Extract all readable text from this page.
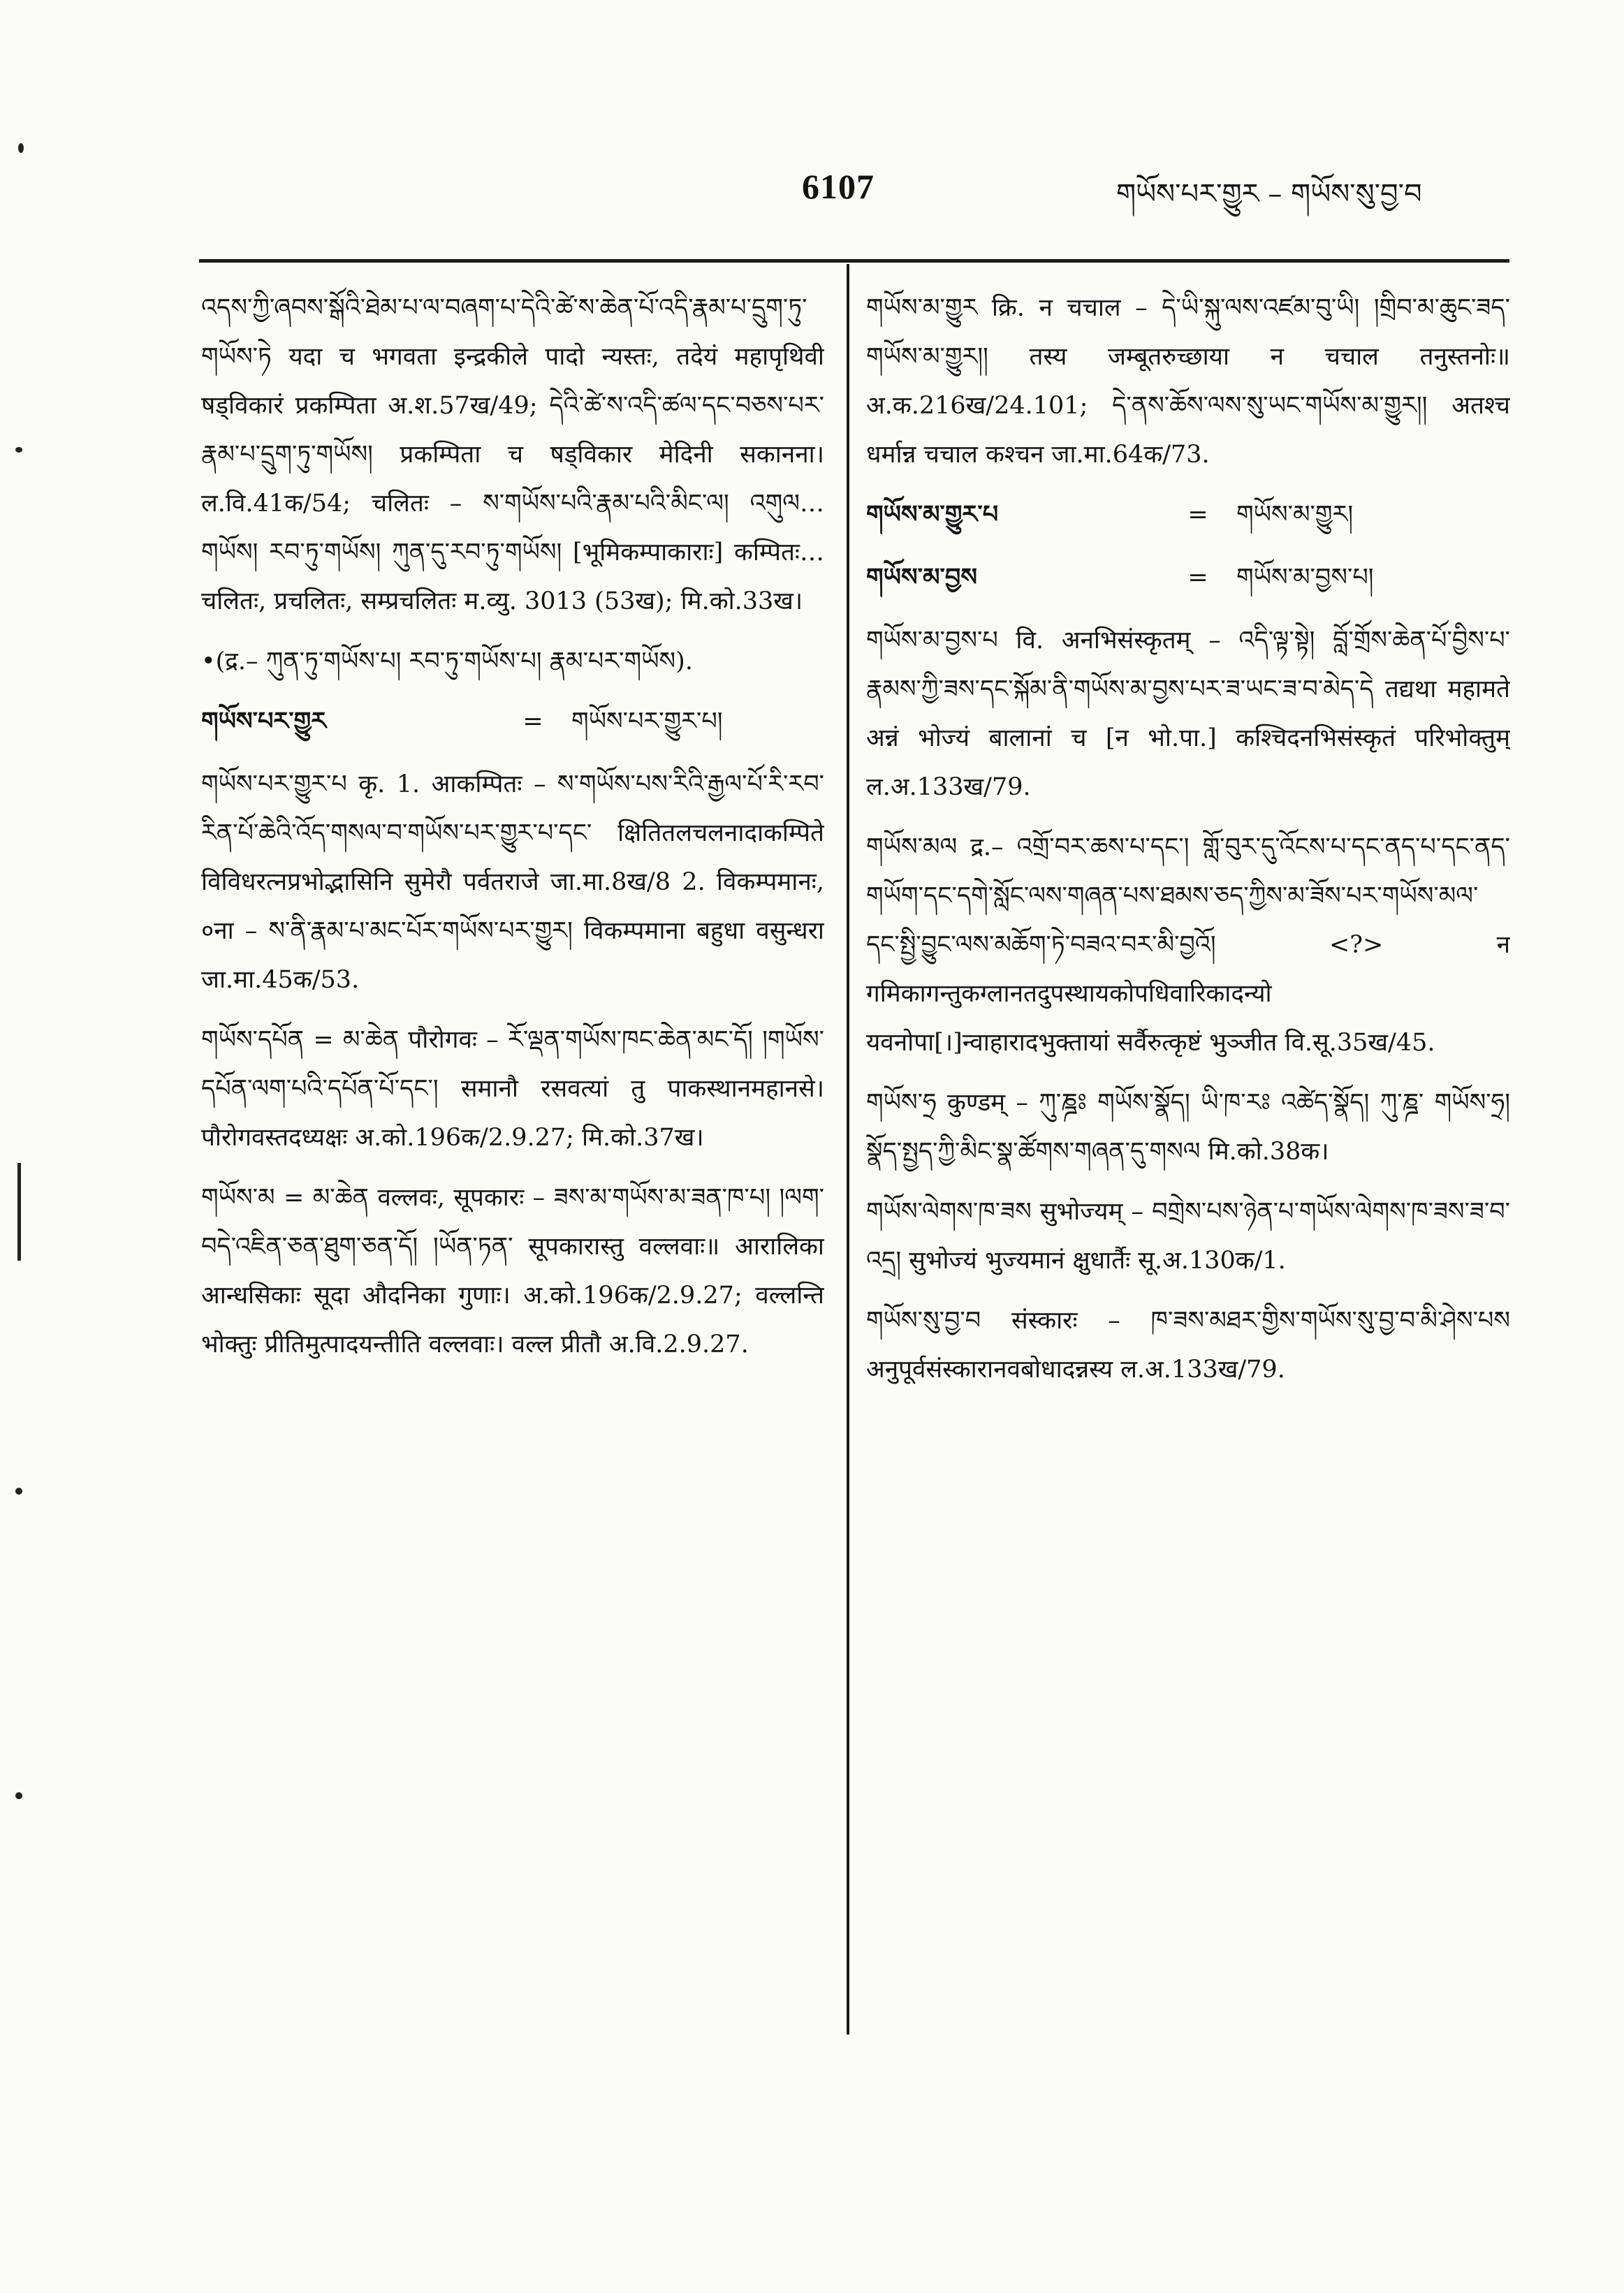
6107	གཡོས་པར་གྱུར – གཡོས་སུ་བྱ་བ

འདས་ཀྱི་ཞབས་སྒོའི་ཐེམ་པ་ལ་བཞག་པ་དེའི་ཚེ་ས་ཆེན་པོ་འདི་རྣམ་པ་དྲུག་ཏུ་གཡོས་ཏེ यदा च भगवता इन्द्रकीले पादो न्यस्तः, तदेयं महापृथिवी षड्विकारं प्रकम्पिता अ.श.57ख/49; དེའི་ཚེ་ས་འདི་ཚལ་དང་བཅས་པར་རྣམ་པ་དྲུག་ཏུ་གཡོས། प्रकम्पिता च षड्विकार मेदिनी सकानना। ल.वि.41क/54; चलितः – ས་གཡོས་པའི་རྣམ་པའི་མིང་ལ། འགུལ…གཡོས། རབ་ཏུ་གཡོས། ཀུན་དུ་རབ་ཏུ་གཡོས། [भूमिकम्पाकाराः] कम्पितः… चलितः, प्रचलितः, सम्प्रचलितः म.व्यु. 3013 (53ख); मि.को.33ख।

•(द्र.– ཀུན་ཏུ་གཡོས་པ། རབ་ཏུ་གཡོས་པ། རྣམ་པར་གཡོས).

གཡོས་པར་གྱུར	=	གཡོས་པར་གྱུར་པ།

གཡོས་པར་གྱུར་པ कृ. 1. आकम्पितः – ས་གཡོས་པས་རིའི་རྒྱལ་པོ་རི་རབ་རིན་པོ་ཆེའི་འོད་གསལ་བ་གཡོས་པར་གྱུར་པ་དང་ क्षितितलचलनादाकम्पिते विविधरत्नप्रभोद्भासिनि सुमेरौ पर्वतराजे जा.मा.8ख/8 2. विकम्पमानः, ०ना – ས་ནི་རྣམ་པ་མང་པོར་གཡོས་པར་གྱུར། विकम्पमाना बहुधा वसुन्धरा जा.मा.45क/53.

གཡོས་དཔོན = མ་ཆེན पौरोगवः – རོ་ལྡན་གཡོས་ཁང་ཆེན་མང་དོ། །གཡོས་དཔོན་ལག་པའི་དཔོན་པོ་དང་། समानौ रसवत्यां तु पाकस्थानमहानसे। पौरोगवस्तदध्यक्षः अ.को.196क/2.9.27; मि.को.37ख।

གཡོས་མ = མ་ཆེན वल्लवः, सूपकारः – ཟས་མ་གཡོས་མ་ཟན་ཁ་པ། །ལག་བདེ་འཇིན་ཅན་ཐུག་ཅན་དོ། །ཡོན་ཏན་ सूपकारास्तु वल्लवाः॥ आरालिका आन्धसिकाः सूदा औदनिका गुणाः। अ.को.196क/2.9.27; वल्लन्ति भोक्तुः प्रीतिमुत्पादयन्तीति वल्लवाः। वल्ल प्रीतौ अ.वि.2.9.27.

གཡོས་མ་གྱུར क्रि. न चचाल – དེ་ཡི་སྐུ་ལས་འཛམ་བུ་ཡི། །གྲིབ་མ་ཆུང་ཟད་གཡོས་མ་གྱུར།། तस्य जम्बूतरुच्छाया न चचाल तनुस्तनोः॥ अ.क.216ख/24.101; དེ་ནས་ཆོས་ལས་སུ་ཡང་གཡོས་མ་གྱུར།། अतश्च धर्मान्न चचाल कश्चन जा.मा.64क/73.

གཡོས་མ་གྱུར་པ	=	གཡོས་མ་གྱུར།
གཡོས་མ་བྱས	=	གཡོས་མ་བྱས་པ།

གཡོས་མ་བྱས་པ वि. अनभिसंस्कृतम् – འདི་ལྟ་སྟེ། བློ་གྲོས་ཆེན་པོ་བྱིས་པ་རྣམས་ཀྱི་ཟས་དང་སྐོམ་ནི་གཡོས་མ་བྱས་པར་ཟ་ཡང་ཟ་བ་མེད་དེ तद्यथा महामते अन्नं भोज्यं बालानां च [न भो.पा.] कश्चिदनभिसंस्कृतं परिभोक्तुम् ल.अ.133ख/79.

གཡོས་མལ द्र.– འགྲོ་བར་ཆས་པ་དང་། གློ་བུར་དུ་འོངས་པ་དང་ནད་པ་དང་ནད་གཡོག་དང་དགེ་སློང་ལས་གཞན་པས་ཐམས་ཅད་ཀྱིས་མ་ཟོས་པར་གཡོས་མལ་དང་སྤྱི་བྱུང་ལས་མཆོག་ཏེ་བཟའ་བར་མི་བྱའོ། <?> न गमिकागन्तुकग्लानतदुपस्थायकोपधिवारिकादन्यो यवनोपा[।]न्वाहारादभुक्तायां सर्वैरुत्कृष्टं भुञ्जीत वि.सू.35ख/45.

གཡོས་ཧྲ कुण्डम् – ཀུ་ཎྜཿ གཡོས་སྣོད། ཡི་ཁ་རཿ འཚེད་སྣོད། ཀུ་ཎྜ་ གཡོས་ཧྲ། སྣོད་སྤྱད་ཀྱི་མིང་སྣ་ཚོགས་གཞན་དུ་གསལ मि.को.38क।

གཡོས་ལེགས་ཁ་ཟས सुभोज्यम् – བགྲེས་པས་ཉེན་པ་གཡོས་ལེགས་ཁ་ཟས་ཟ་བ་འདྲ། सुभोज्यं भुज्यमानं क्षुधार्तैः सू.अ.130क/1.

གཡོས་སུ་བྱ་བ संस्कारः – ཁ་ཟས་མཐར་གྱིས་གཡོས་སུ་བྱ་བ་མི་ཤེས་པས अनुपूर्वसंस्कारानवबोधादन्नस्य ल.अ.133ख/79.
